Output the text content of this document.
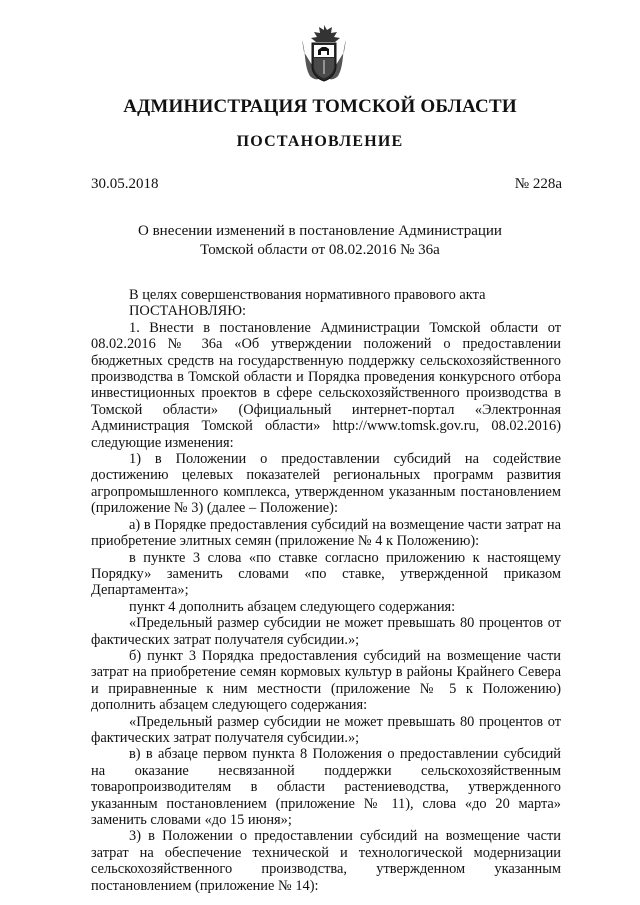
АДМИНИСТРАЦИЯ ТОМСКОЙ ОБЛАСТИ
ПОСТАНОВЛЕНИЕ
30.05.2018	№ 228а
О внесении изменений в постановление Администрации
Томской области от 08.02.2016 № 36а

В целях совершенствования нормативного правового акта

ПОСТАНОВЛЯЮ:

1. Внести в постановление Администрации Томской области от 08.02.2016 № 36а «Об утверждении положений о предоставлении бюджетных средств на государственную поддержку сельскохозяйственного производства в Томской области и Порядка проведения конкурсного отбора инвестиционных проектов в сфере сельскохозяйственного производства в Томской области» (Официальный интернет-портал «Электронная Администрация Томской области» http://www.tomsk.gov.ru, 08.02.2016) следующие изменения:

1) в Положении о предоставлении субсидий на содействие достижению целевых показателей региональных программ развития агропромышленного комплекса, утвержденном указанным постановлением (приложение № 3) (далее – Положение):

а) в Порядке предоставления субсидий на возмещение части затрат на приобретение элитных семян (приложение № 4 к Положению):

в пункте 3 слова «по ставке согласно приложению к настоящему Порядку» заменить словами «по ставке, утвержденной приказом Департамента»;

пункт 4 дополнить абзацем следующего содержания:

«Предельный размер субсидии не может превышать 80 процентов от фактических затрат получателя субсидии.»;

б) пункт 3 Порядка предоставления субсидий на возмещение части затрат на приобретение семян кормовых культур в районы Крайнего Севера и приравненные к ним местности (приложение № 5 к Положению) дополнить абзацем следующего содержания:

«Предельный размер субсидии не может превышать 80 процентов от фактических затрат получателя субсидии.»;

в) в абзаце первом пункта 8 Положения о предоставлении субсидий на оказание несвязанной поддержки сельскохозяйственным товаропроизводителям в области растениеводства, утвержденного указанным постановлением (приложение № 11), слова «до 20 марта» заменить словами «до 15 июня»;

3) в Положении о предоставлении субсидий на возмещение части затрат на обеспечение технической и технологической модернизации сельскохозяйственного производства, утвержденном указанным постановлением (приложение № 14):
